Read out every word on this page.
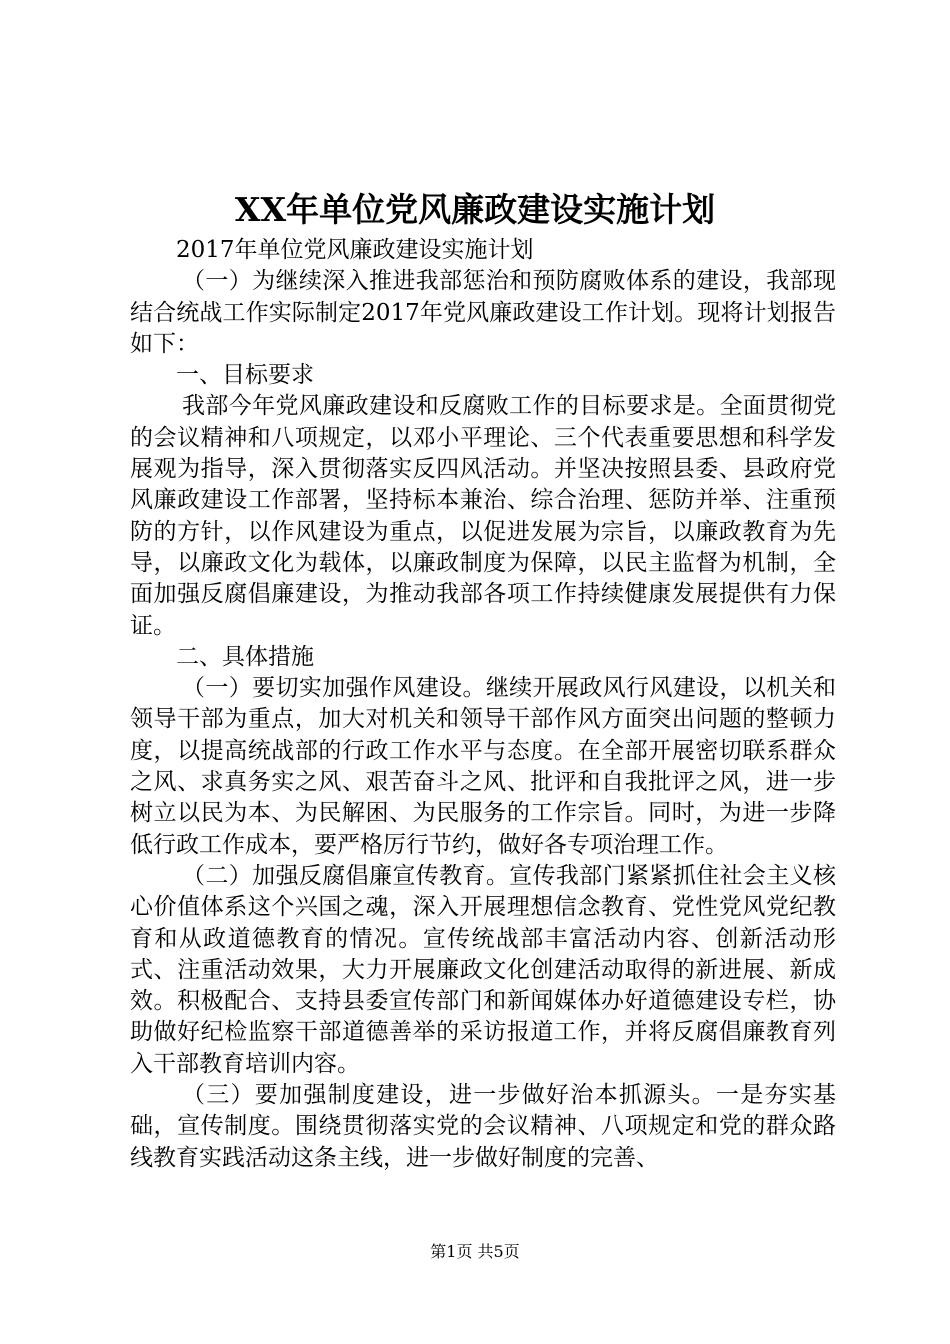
XX年单位党风廉政建设实施计划

2017年单位党风廉政建设实施计划

（一）为继续深入推进我部惩治和预防腐败体系的建设，我部现结合统战工作实际制定2017年党风廉政建设工作计划。现将计划报告如下：

一、目标要求

我部今年党风廉政建设和反腐败工作的目标要求是。全面贯彻党的会议精神和八项规定，以邓小平理论、三个代表重要思想和科学发展观为指导，深入贯彻落实反四风活动。并坚决按照县委、县政府党风廉政建设工作部署，坚持标本兼治、综合治理、惩防并举、注重预防的方针，以作风建设为重点，以促进发展为宗旨，以廉政教育为先导，以廉政文化为载体，以廉政制度为保障，以民主监督为机制，全面加强反腐倡廉建设，为推动我部各项工作持续健康发展提供有力保证。

二、具体措施

（一）要切实加强作风建设。继续开展政风行风建设，以机关和领导干部为重点，加大对机关和领导干部作风方面突出问题的整顿力度，以提高统战部的行政工作水平与态度。在全部开展密切联系群众之风、求真务实之风、艰苦奋斗之风、批评和自我批评之风，进一步树立以民为本、为民解困、为民服务的工作宗旨。同时，为进一步降低行政工作成本，要严格厉行节约，做好各专项治理工作。

（二）加强反腐倡廉宣传教育。宣传我部门紧紧抓住社会主义核心价值体系这个兴国之魂，深入开展理想信念教育、党性党风党纪教育和从政道德教育的情况。宣传统战部丰富活动内容、创新活动形式、注重活动效果，大力开展廉政文化创建活动取得的新进展、新成效。积极配合、支持县委宣传部门和新闻媒体办好道德建设专栏，协助做好纪检监察干部道德善举的采访报道工作，并将反腐倡廉教育列入干部教育培训内容。

（三）要加强制度建设，进一步做好治本抓源头。一是夯实基础，宣传制度。围绕贯彻落实党的会议精神、八项规定和党的群众路线教育实践活动这条主线，进一步做好制度的完善、

第1页 共5页
